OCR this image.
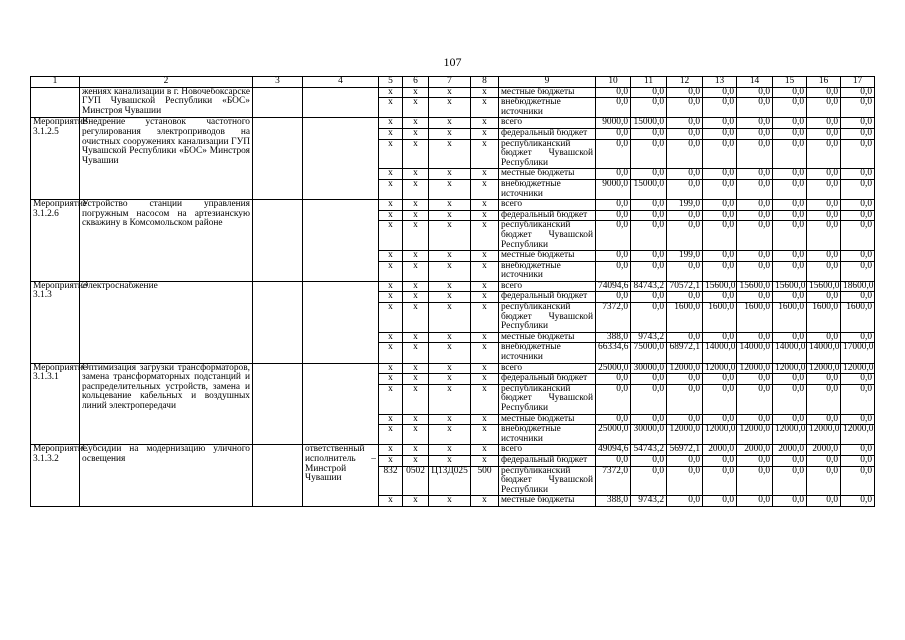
107
1	2	3	4	5	6	7	8	9	10	11	12	13	14	15	16	17
	жениях канализации в г. Новочебоксарске ГУП Чувашской Республики «БОС» Минстроя Чувашии			х	х	х	х	местные бюджеты	0,0	0,0	0,0	0,0	0,0	0,0	0,0	0,0
				х	х	х	х	внебюджетные источники	0,0	0,0	0,0	0,0	0,0	0,0	0,0	0,0
Мероприятие 3.1.2.5	Внедрение установок частотного регулирования электроприводов на очистных сооружениях канализации ГУП Чувашской Республики «БОС» Минстроя Чувашии			х	х	х	х	всего	9000,0	15000,0	0,0	0,0	0,0	0,0	0,0	0,0
				х	х	х	х	федеральный бюджет	0,0	0,0	0,0	0,0	0,0	0,0	0,0	0,0
				х	х	х	х	республиканский бюджет Чувашской Республики	0,0	0,0	0,0	0,0	0,0	0,0	0,0	0,0
				х	х	х	х	местные бюджеты	0,0	0,0	0,0	0,0	0,0	0,0	0,0	0,0
				х	х	х	х	внебюджетные источники	9000,0	15000,0	0,0	0,0	0,0	0,0	0,0	0,0
Мероприятие 3.1.2.6	Устройство станции управления погружным насосом на артезианскую скважину в Комсомольском районе			х	х	х	х	всего	0,0	0,0	199,0	0,0	0,0	0,0	0,0	0,0
				х	х	х	х	федеральный бюджет	0,0	0,0	0,0	0,0	0,0	0,0	0,0	0,0
				х	х	х	х	республиканский бюджет Чувашской Республики	0,0	0,0	0,0	0,0	0,0	0,0	0,0	0,0
				х	х	х	х	местные бюджеты	0,0	0,0	199,0	0,0	0,0	0,0	0,0	0,0
				х	х	х	х	внебюджетные источники	0,0	0,0	0,0	0,0	0,0	0,0	0,0	0,0
Мероприятие 3.1.3	Электроснабжение			х	х	х	х	всего	74094,6	84743,2	70572,1	15600,0	15600,0	15600,0	15600,0	18600,0
				х	х	х	х	федеральный бюджет	0,0	0,0	0,0	0,0	0,0	0,0	0,0	0,0
				х	х	х	х	республиканский бюджет Чувашской Республики	7372,0	0,0	1600,0	1600,0	1600,0	1600,0	1600,0	1600,0
				х	х	х	х	местные бюджеты	388,0	9743,2	0,0	0,0	0,0	0,0	0,0	0,0
				х	х	х	х	внебюджетные источники	66334,6	75000,0	68972,1	14000,0	14000,0	14000,0	14000,0	17000,0
Мероприятие 3.1.3.1	Оптимизация загрузки трансформаторов, замена трансформаторных подстанций и распределительных устройств, замена и кольцевание кабельных и воздушных линий электропередачи			х	х	х	х	всего	25000,0	30000,0	12000,0	12000,0	12000,0	12000,0	12000,0	12000,0
				х	х	х	х	федеральный бюджет	0,0	0,0	0,0	0,0	0,0	0,0	0,0	0,0
				х	х	х	х	республиканский бюджет Чувашской Республики	0,0	0,0	0,0	0,0	0,0	0,0	0,0	0,0
				х	х	х	х	местные бюджеты	0,0	0,0	0,0	0,0	0,0	0,0	0,0	0,0
				х	х	х	х	внебюджетные источники	25000,0	30000,0	12000,0	12000,0	12000,0	12000,0	12000,0	12000,0
Мероприятие 3.1.3.2	Субсидии на модернизацию уличного освещения		ответственный исполнитель – Минстрой Чувашии	х	х	х	х	всего	49094,6	54743,2	56972,1	2000,0	2000,0	2000,0	2000,0	0,0
				х	х	х	х	федеральный бюджет	0,0	0,0	0,0	0,0	0,0	0,0	0,0	0,0
				832	0502	Ц13Д025	500	республиканский бюджет Чувашской Республики	7372,0	0,0	0,0	0,0	0,0	0,0	0,0	0,0
				х	х	х	х	местные бюджеты	388,0	9743,2	0,0	0,0	0,0	0,0	0,0	0,0
